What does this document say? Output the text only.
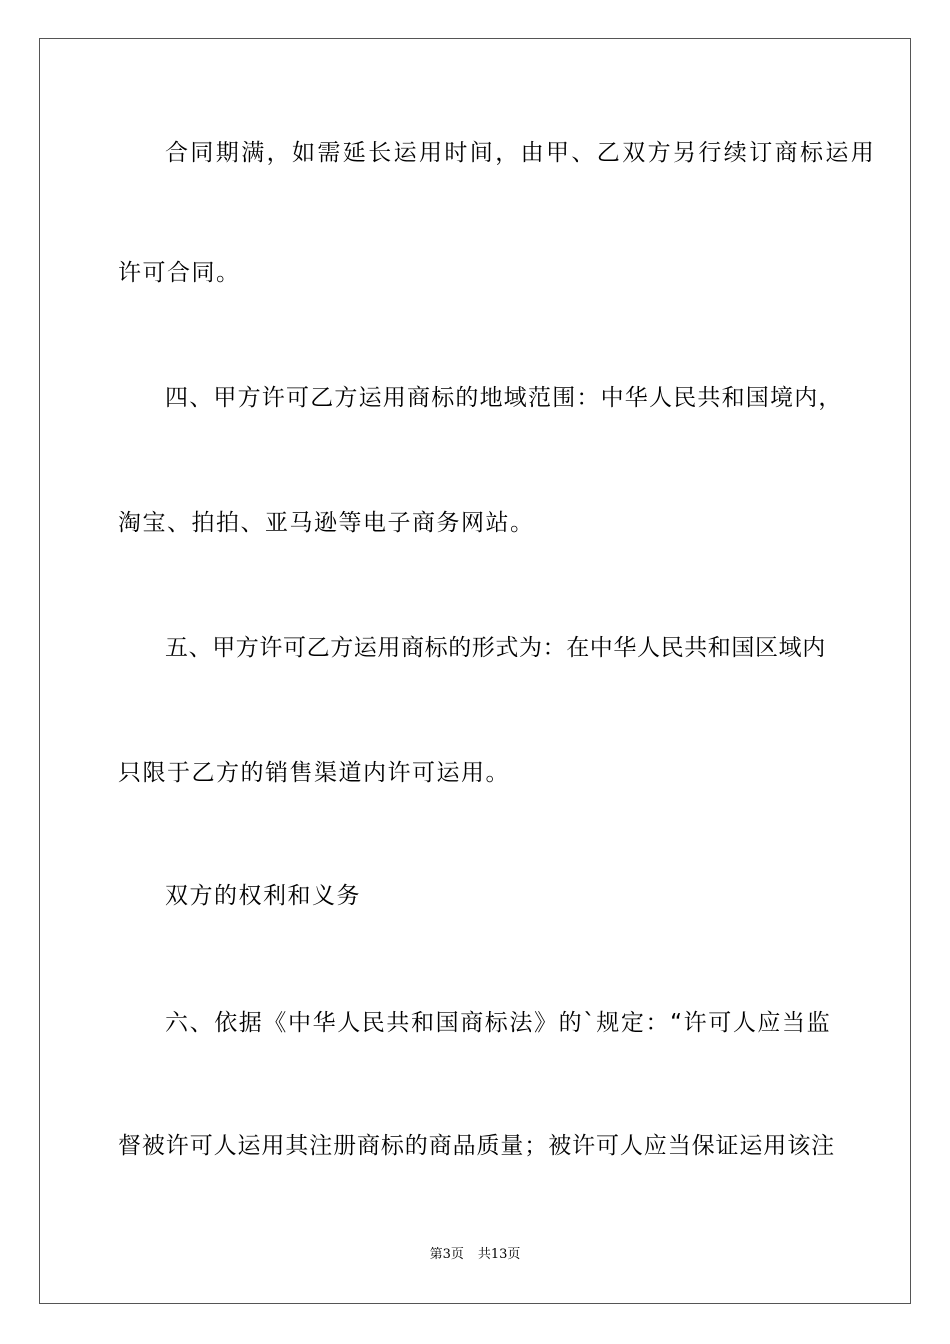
合同期满，如需延长运用时间，由甲、乙双方另行续订商标运用
许可合同。
四、甲方许可乙方运用商标的地域范围：中华人民共和国境内，
淘宝、拍拍、亚马逊等电子商务网站。
五、甲方许可乙方运用商标的形式为：在中华人民共和国区域内
只限于乙方的销售渠道内许可运用。
双方的权利和义务
六、依据《中华人民共和国商标法》的`规定：“许可人应当监
督被许可人运用其注册商标的商品质量；被许可人应当保证运用该注
第3页 共13页
